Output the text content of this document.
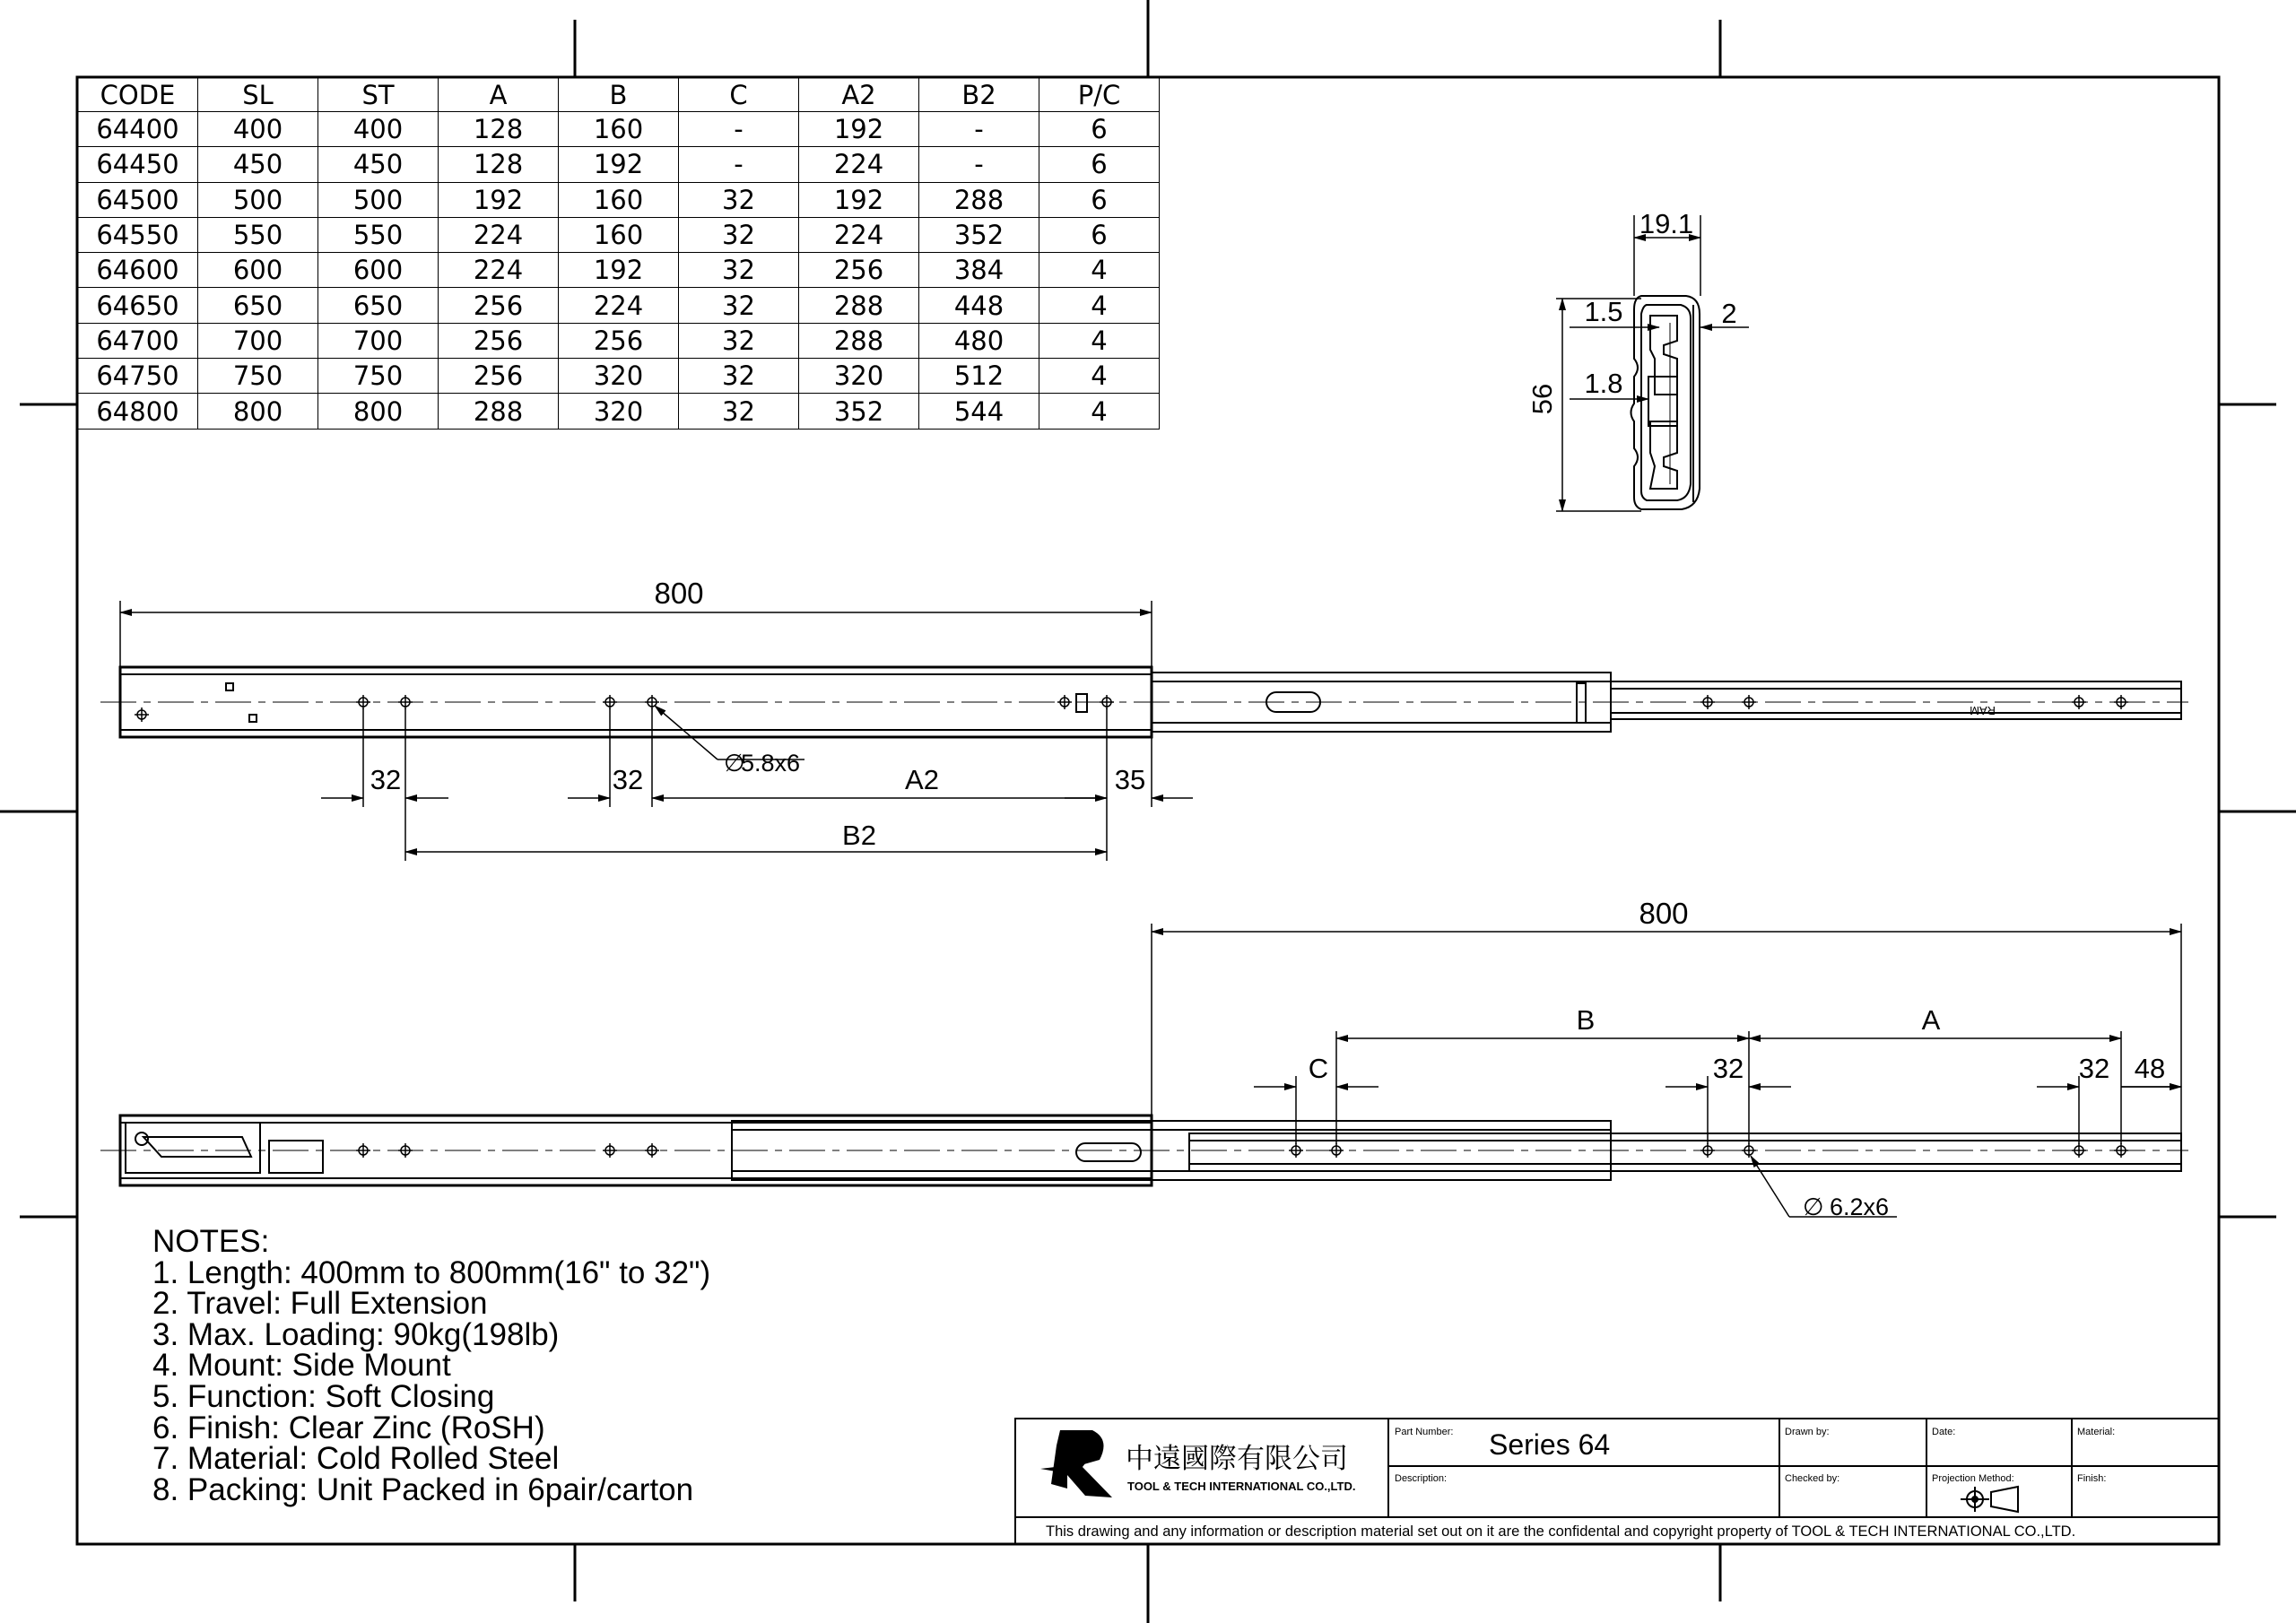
19.1
1.5	2
1.8
56
RAM
800
32	32	A2	35
B2
∅
5.8x6
800
B	A
C	32	32 48
∅ 6.2x6
中遠國際有限公司
TOOL & TECH INTERNATIONAL CO.,LTD.
Part Number: Series 64
Description:
Drawn by:
Checked by:
Date:
Projection Method:
Material:
Finish:
This drawing and any information or description material set out on it are the confidental and copyright property of TOOL & TECH INTERNATIONAL CO.,LTD.
CODE	SL	ST	A	B	C	A2	B2	P/C
64400	400	400	128	160	-	192	-	6
64450	450	450	128	192	-	224	-	6
64500	500	500	192	160	32	192	288	6
64550	550	550	224	160	32	224	352	6
64600	600	600	224	192	32	256	384	4
64650	650	650	256	224	32	288	448	4
64700	700	700	256	256	32	288	480	4
64750	750	750	256	320	32	320	512	4
64800	800	800	288	320	32	352	544	4
NOTES:
1. Length: 400mm to 800mm(16" to 32")
2. Travel: Full Extension
3. Max. Loading: 90kg(198lb)
4. Mount: Side Mount
5. Function: Soft Closing
6. Finish: Clear Zinc (RoSH)
7. Material: Cold Rolled Steel
8. Packing: Unit Packed in 6pair/carton
